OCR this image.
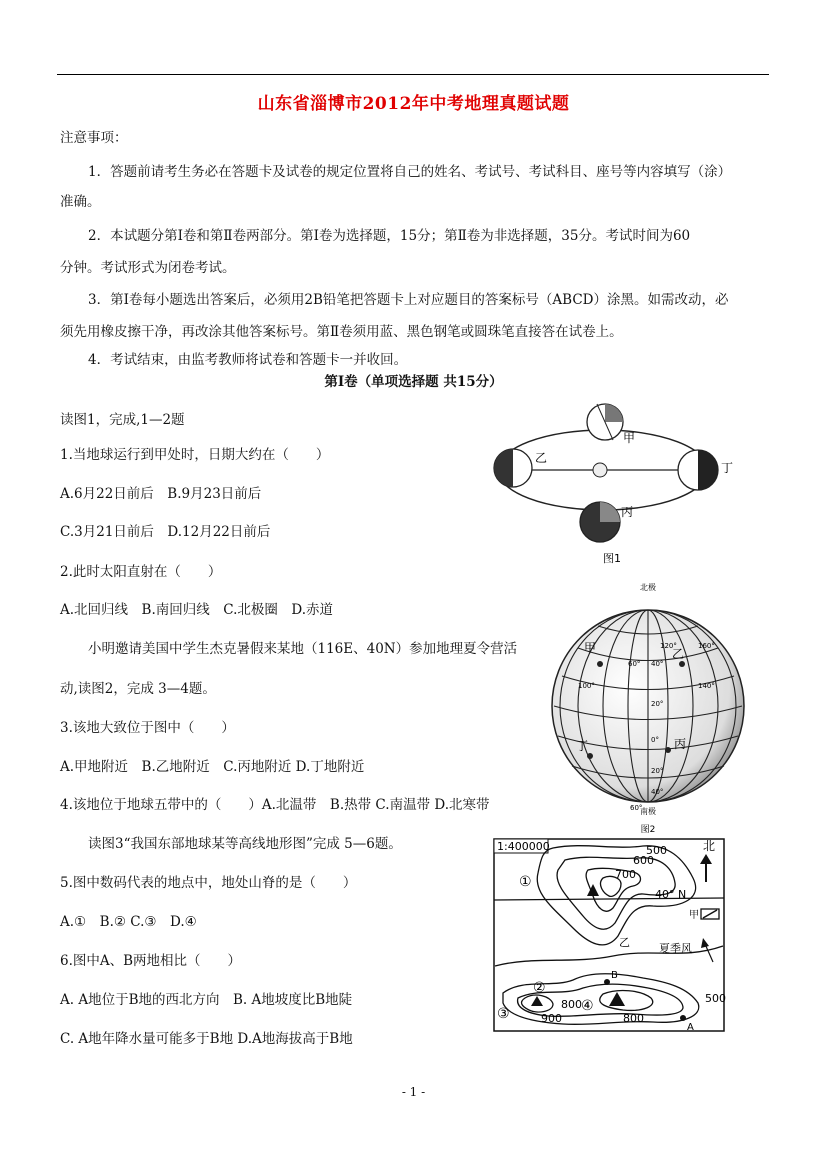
山东省淄博市2012年中考地理真题试题
注意事项：
1．答题前请考生务必在答题卡及试卷的规定位置将自己的姓名、考试号、考试科目、座号等内容填写（涂）
准确。
2．本试题分第Ⅰ卷和第Ⅱ卷两部分。第Ⅰ卷为选择题，15分；第Ⅱ卷为非选择题，35分。考试时间为60
分钟。考试形式为闭卷考试。
3．第Ⅰ卷每小题选出答案后，必须用2B铅笔把答题卡上对应题目的答案标号（ABCD）涂黑。如需改动，必
须先用橡皮擦干净，再改涂其他答案标号。第Ⅱ卷须用蓝、黑色钢笔或圆珠笔直接答在试卷上。
4．考试结束，由监考教师将试卷和答题卡一并收回。
第Ⅰ卷（单项选择题 共15分）
读图1，完成,1—2题
1.当地球运行到甲处时，日期大约在（　　）
A.6月22日前后　B.9月23日前后
C.3月21日前后　D.12月22日前后
2.此时太阳直射在（　　）
A.北回归线　B.南回归线　C.北极圈　D.赤道
小明邀请美国中学生杰克暑假来某地（116E、40N）参加地理夏令营活
动,读图2，完成 3—4题。
3.该地大致位于图中（　　）
A.甲地附近　B.乙地附近　C.丙地附近 D.丁地附近
4.该地位于地球五带中的（　　）A.北温带　B.热带 C.南温带 D.北寒带
读图3“我国东部地球某等高线地形图”完成 5—6题。
5.图中数码代表的地点中，地处山脊的是（　　）
A.①　B.② C.③　D.④
6.图中A、B两地相比（　　）
A. A地位于B地的西北方向　B. A地坡度比B地陡
C. A地年降水量可能多于B地 D.A地海拔高于B地
甲
乙
丙
丁
图1
北极
120°
140°
60° 40°
20°
0°
20°
40°
60°
160°
100°
甲	乙
丙
丁
南极
图2
1:400000	北
40° N
甲
夏季风
乙
500
600
700
800
900	800
500
①
②
③	④
A
B
- 1 -
